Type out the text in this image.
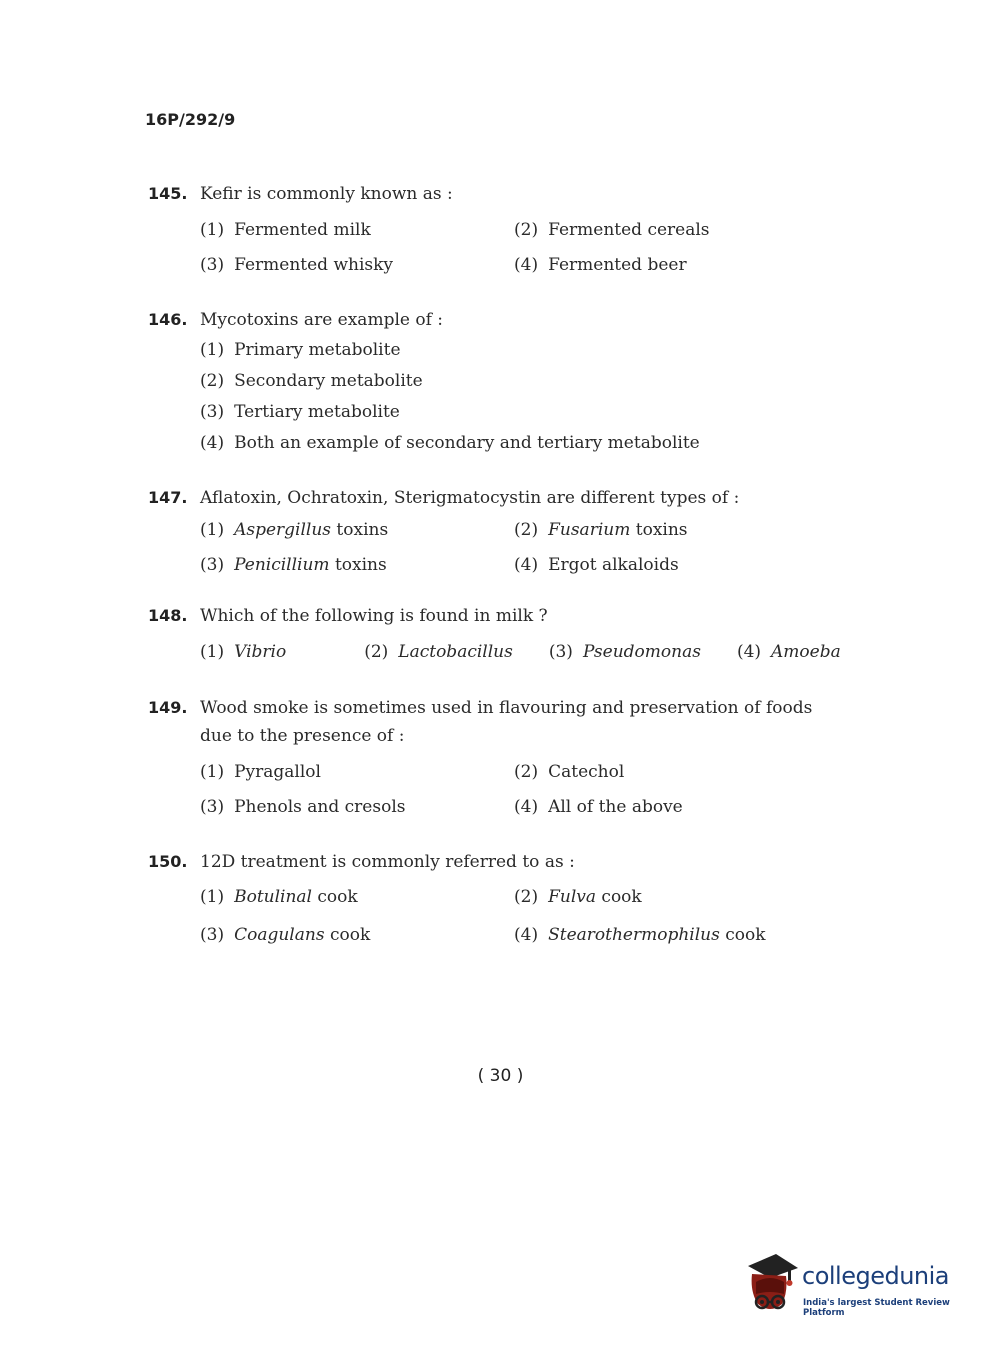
16P/292/9
145. Kefir is commonly known as :
(1) Fermented milk	(2) Fermented cereals
(3) Fermented whisky	(4) Fermented beer
146. Mycotoxins are example of :
(1) Primary metabolite
(2) Secondary metabolite
(3) Tertiary metabolite
(4) Both an example of secondary and tertiary metabolite
147. Aflatoxin, Ochratoxin, Sterigmatocystin are different types of :
(1) Aspergillus toxins	(2) Fusarium toxins
(3) Penicillium toxins	(4) Ergot alkaloids
148. Which of the following is found in milk ?
(1) Vibrio	(2) Lactobacillus (3) Pseudomonas (4) Amoeba
149. Wood smoke is sometimes used in flavouring and preservation of foods due to the presence of :
(1) Pyragallol	(2) Catechol
(3) Phenols and cresols	(4) All of the above
150. 12D treatment is commonly referred to as :
(1) Botulinal cook	(2) Fulva cook
(3) Coagulans cook	(4) Stearothermophilus cook
( 30 )
collegedunia
India's largest Student Review Platform
